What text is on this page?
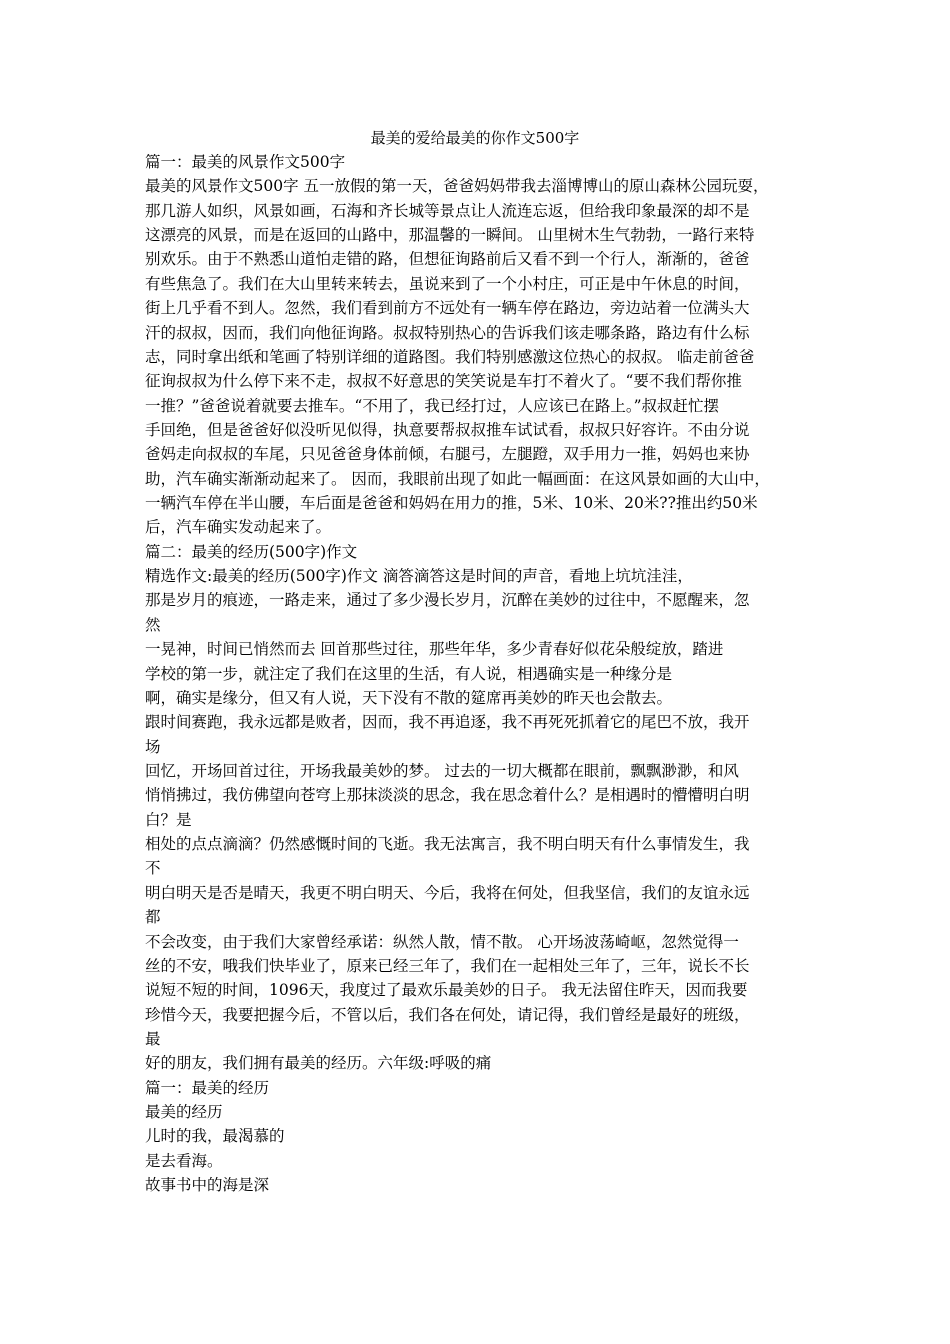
最美的爱给最美的你作文500字
篇一：最美的风景作文500字
最美的风景作文500字 五一放假的第一天，爸爸妈妈带我去淄博博山的原山森林公园玩耍，
那几游人如织，风景如画，石海和齐长城等景点让人流连忘返，但给我印象最深的却不是
这漂亮的风景，而是在返回的山路中，那温馨的一瞬间。 山里树木生气勃勃，一路行来特
别欢乐。由于不熟悉山道怕走错的路，但想征询路前后又看不到一个行人，渐渐的，爸爸
有些焦急了。我们在大山里转来转去，虽说来到了一个小村庄，可正是中午休息的时间，
街上几乎看不到人。忽然，我们看到前方不远处有一辆车停在路边，旁边站着一位满头大
汗的叔叔，因而，我们向他征询路。叔叔特别热心的告诉我们该走哪条路，路边有什么标
志，同时拿出纸和笔画了特别详细的道路图。我们特别感激这位热心的叔叔。 临走前爸爸
征询叔叔为什么停下来不走，叔叔不好意思的笑笑说是车打不着火了。“要不我们帮你推
一推？”爸爸说着就要去推车。“不用了，我已经打过，人应该已在路上。”叔叔赶忙摆
手回绝，但是爸爸好似没听见似得，执意要帮叔叔推车试试看，叔叔只好容许。不由分说
爸妈走向叔叔的车尾，只见爸爸身体前倾，右腿弓，左腿蹬，双手用力一推，妈妈也来协
助，汽车确实渐渐动起来了。 因而，我眼前出现了如此一幅画面：在这风景如画的大山中，
一辆汽车停在半山腰，车后面是爸爸和妈妈在用力的推，5米、10米、20米??推出约50米
后，汽车确实发动起来了。
篇二：最美的经历(500字)作文
精选作文:最美的经历(500字)作文 滴答滴答这是时间的声音，看地上坑坑洼洼，
那是岁月的痕迹，一路走来，通过了多少漫长岁月，沉醉在美妙的过往中，不愿醒来，忽
然
一晃神，时间已悄然而去 回首那些过往，那些年华，多少青春好似花朵般绽放，踏进
学校的第一步，就注定了我们在这里的生活，有人说，相遇确实是一种缘分是
啊，确实是缘分，但又有人说，天下没有不散的筵席再美妙的昨天也会散去。
跟时间赛跑，我永远都是败者，因而，我不再追逐，我不再死死抓着它的尾巴不放，我开
场
回忆，开场回首过往，开场我最美妙的梦。 过去的一切大概都在眼前，飘飘渺渺，和风
悄悄拂过，我仿佛望向苍穹上那抹淡淡的思念，我在思念着什么？是相遇时的懵懵明白明
白？是
相处的点点滴滴？仍然感慨时间的飞逝。我无法寓言，我不明白明天有什么事情发生，我
不
明白明天是否是晴天，我更不明白明天、今后，我将在何处，但我坚信，我们的友谊永远
都
不会改变，由于我们大家曾经承诺：纵然人散，情不散。 心开场波荡崎岖，忽然觉得一
丝的不安，哦我们快毕业了，原来已经三年了，我们在一起相处三年了，三年，说长不长
说短不短的时间，1096天，我度过了最欢乐最美妙的日子。 我无法留住昨天，因而我要
珍惜今天，我要把握今后，不管以后，我们各在何处，请记得，我们曾经是最好的班级，
最
好的朋友，我们拥有最美的经历。六年级:呼吸的痛
篇一：最美的经历
最美的经历
儿时的我，最渴慕的
是去看海。
故事书中的海是深
